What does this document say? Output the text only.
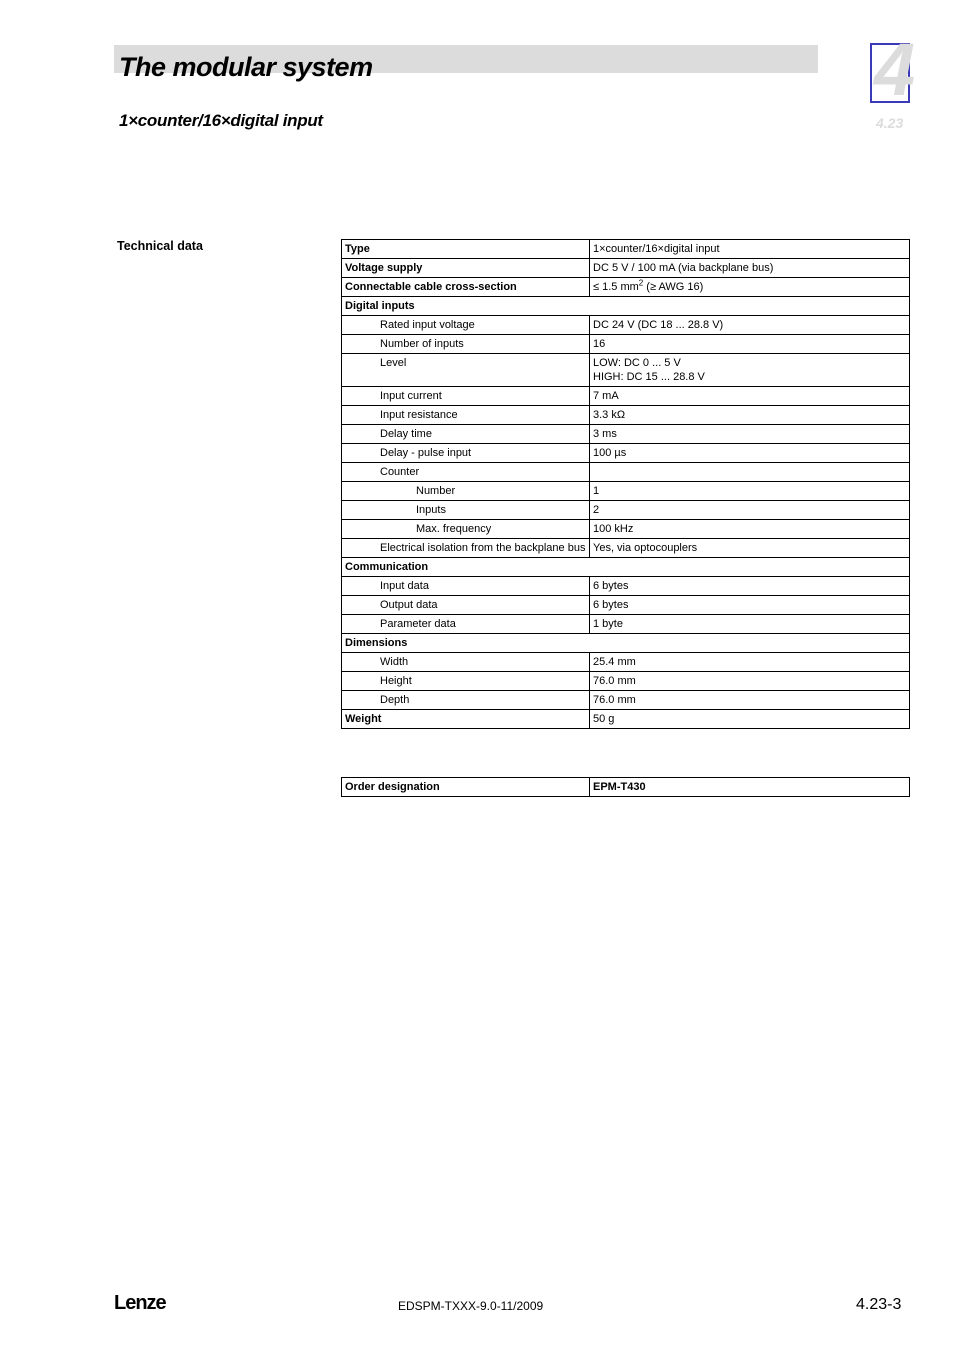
The modular system
1×counter/16×digital input
4
4.23
Technical data	Type	1×counter/16×digital input
Voltage supply	DC 5 V / 100 mA (via backplane bus)
Connectable cable cross-section	≤ 1.5 $mm^2$ (≥ AWG 16)
Digital inputs	
Rated input voltage	DC 24 V (DC 18 ... 28.8 V)
Number of inputs	16
Level	LOW: DC 0 ... 5 V
HIGH: DC 15 ... 28.8 V

Input current	7 mA
Input resistance	3.3 kΩ
Delay time	3 ms
Delay - pulse input	100 µs
Counter	
Number	1
Inputs	2
Max. frequency	100 kHz
Electrical isolation from the backplane bus	Yes, via optocouplers
Communication	
Input data	6 bytes
Output data	6 bytes
Parameter data	1 byte
Dimensions	
Width	25.4 mm
Height	76.0 mm
Depth	76.0 mm
Weight	50 g
Order designation	EPM-T430
Lenze	EDSPM-TXXX-9.0-11/2009	4.23-3
